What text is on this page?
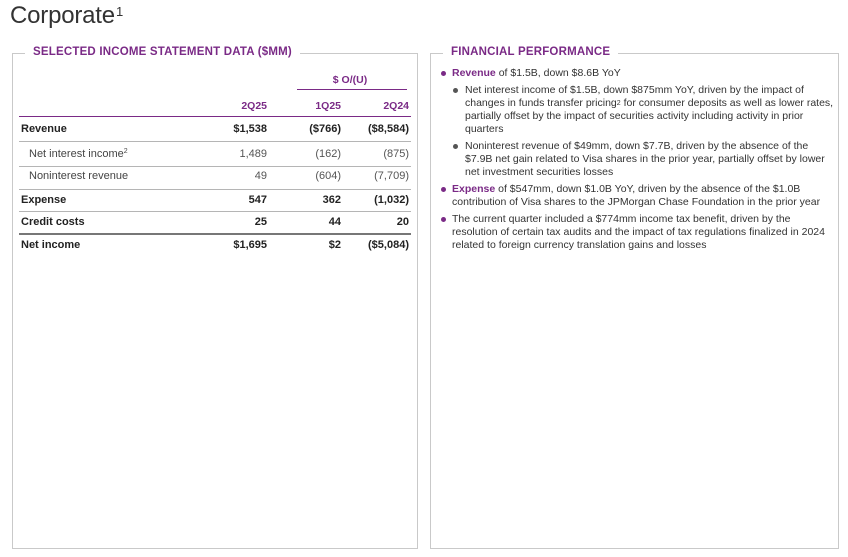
Corporate$^1$
SELECTED INCOME STATEMENT DATA ($MM)
$ O/(U)
2Q25	1Q25	2Q24
Revenue	$1,538	($766)	($8,584)
Net interest income$^2$	1,489	(162)	(875)
Noninterest revenue	49	(604)	(7,709)
Expense	547	362	(1,032)
Credit costs	25	44	20
Net income	$1,695	$2	($5,084)
FINANCIAL PERFORMANCE
Revenue of $1.5B, down $8.6B YoY
Net interest income of $1.5B, down $875mm YoY, driven by the impact of changes in funds transfer pricing$^2$ for consumer deposits as well as lower rates, partially offset by the impact of securities activity including activity in prior quarters
Noninterest revenue of $49mm, down $7.7B, driven by the absence of the $7.9B net gain related to Visa shares in the prior year, partially offset by lower net investment securities losses
Expense of $547mm, down $1.0B YoY, driven by the absence of the $1.0B contribution of Visa shares to the JPMorgan Chase Foundation in the prior year
The current quarter included a $774mm income tax benefit, driven by the resolution of certain tax audits and the impact of tax regulations finalized in 2024 related to foreign currency translation gains and losses
